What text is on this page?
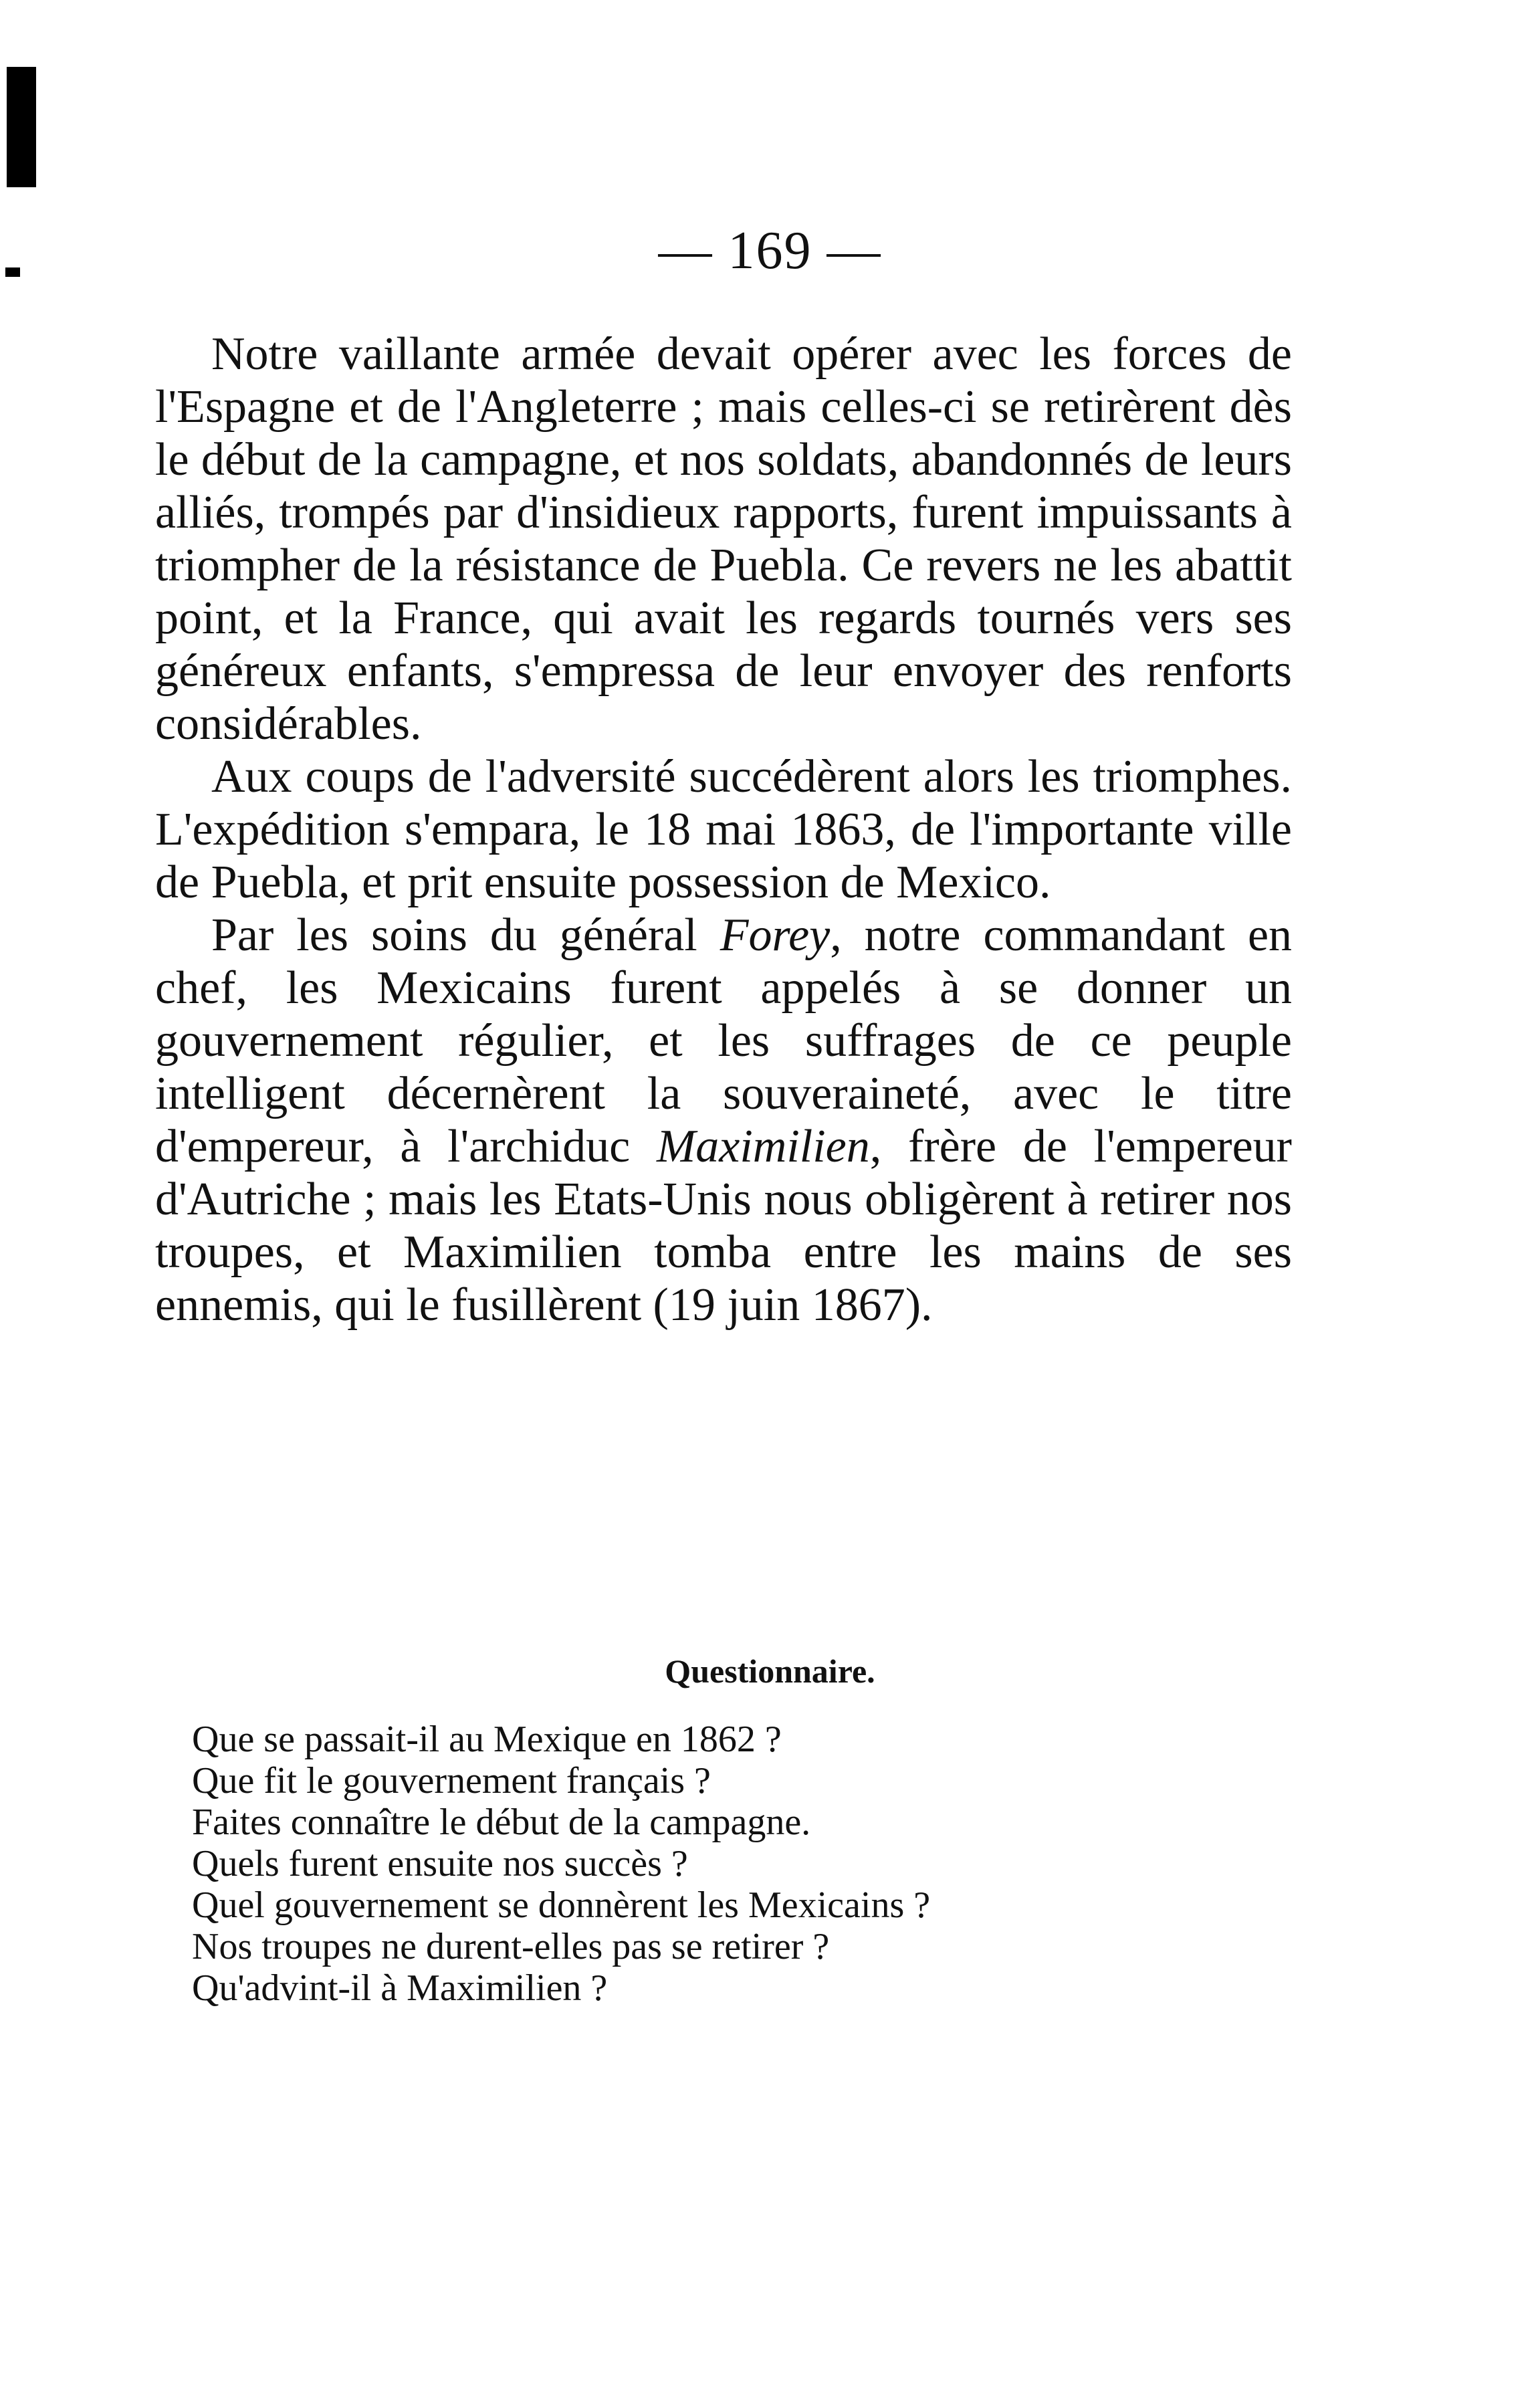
— 169 —

Notre vaillante armée devait opérer avec les forces de l'Espagne et de l'Angleterre ; mais celles-ci se retirèrent dès le début de la campagne, et nos soldats, abandonnés de leurs alliés, trompés par d'insidieux rapports, furent impuissants à triompher de la résistance de Puebla. Ce revers ne les abattit point, et la France, qui avait les regards tournés vers ses généreux enfants, s'empressa de leur envoyer des renforts considérables.

Aux coups de l'adversité succédèrent alors les triomphes. L'expédition s'empara, le 18 mai 1863, de l'importante ville de Puebla, et prit ensuite possession de Mexico.

Par les soins du général Forey, notre commandant en chef, les Mexicains furent appelés à se donner un gouvernement régulier, et les suffrages de ce peuple intelligent décernèrent la souveraineté, avec le titre d'empereur, à l'archiduc Maximilien, frère de l'empereur d'Autriche ; mais les Etats-Unis nous obligèrent à retirer nos troupes, et Maximilien tomba entre les mains de ses ennemis, qui le fusillèrent (19 juin 1867).

Questionnaire.
Que se passait-il au Mexique en 1862 ?
Que fit le gouvernement français ?
Faites connaître le début de la campagne.
Quels furent ensuite nos succès ?
Quel gouvernement se donnèrent les Mexicains ?
Nos troupes ne durent-elles pas se retirer ?
Qu'advint-il à Maximilien ?
